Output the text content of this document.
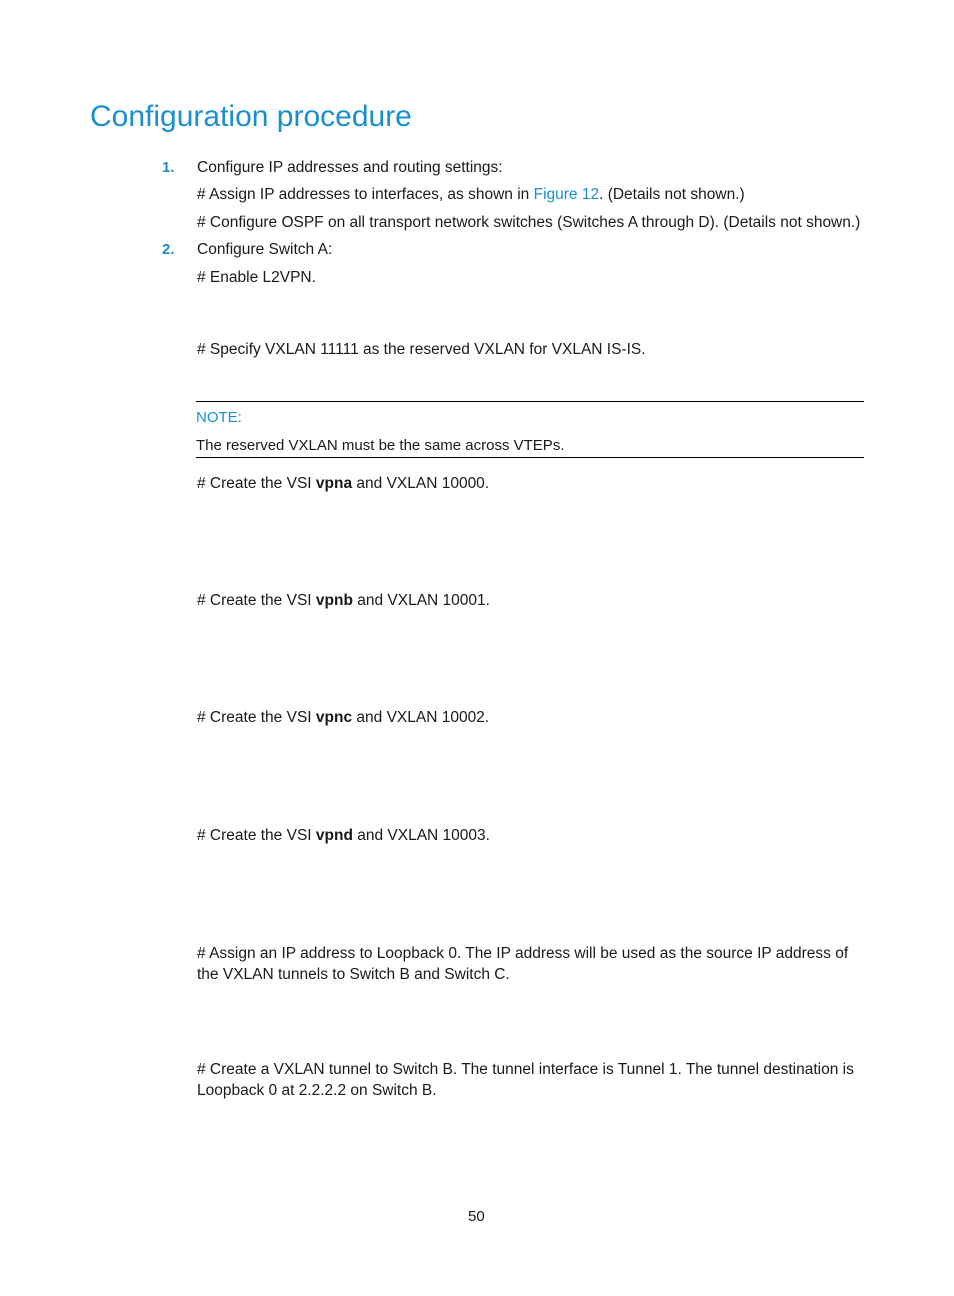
Configuration procedure
1. Configure IP addresses and routing settings:
# Assign IP addresses to interfaces, as shown in Figure 12. (Details not shown.)
# Configure OSPF on all transport network switches (Switches A through D). (Details not shown.)
2. Configure Switch A:
# Enable L2VPN.
# Specify VXLAN 11111 as the reserved VXLAN for VXLAN IS-IS.
NOTE:
The reserved VXLAN must be the same across VTEPs.
# Create the VSI vpna and VXLAN 10000.
# Create the VSI vpnb and VXLAN 10001.
# Create the VSI vpnc and VXLAN 10002.
# Create the VSI vpnd and VXLAN 10003.
# Assign an IP address to Loopback 0. The IP address will be used as the source IP address of the VXLAN tunnels to Switch B and Switch C.
# Create a VXLAN tunnel to Switch B. The tunnel interface is Tunnel 1. The tunnel destination is Loopback 0 at 2.2.2.2 on Switch B.
50
